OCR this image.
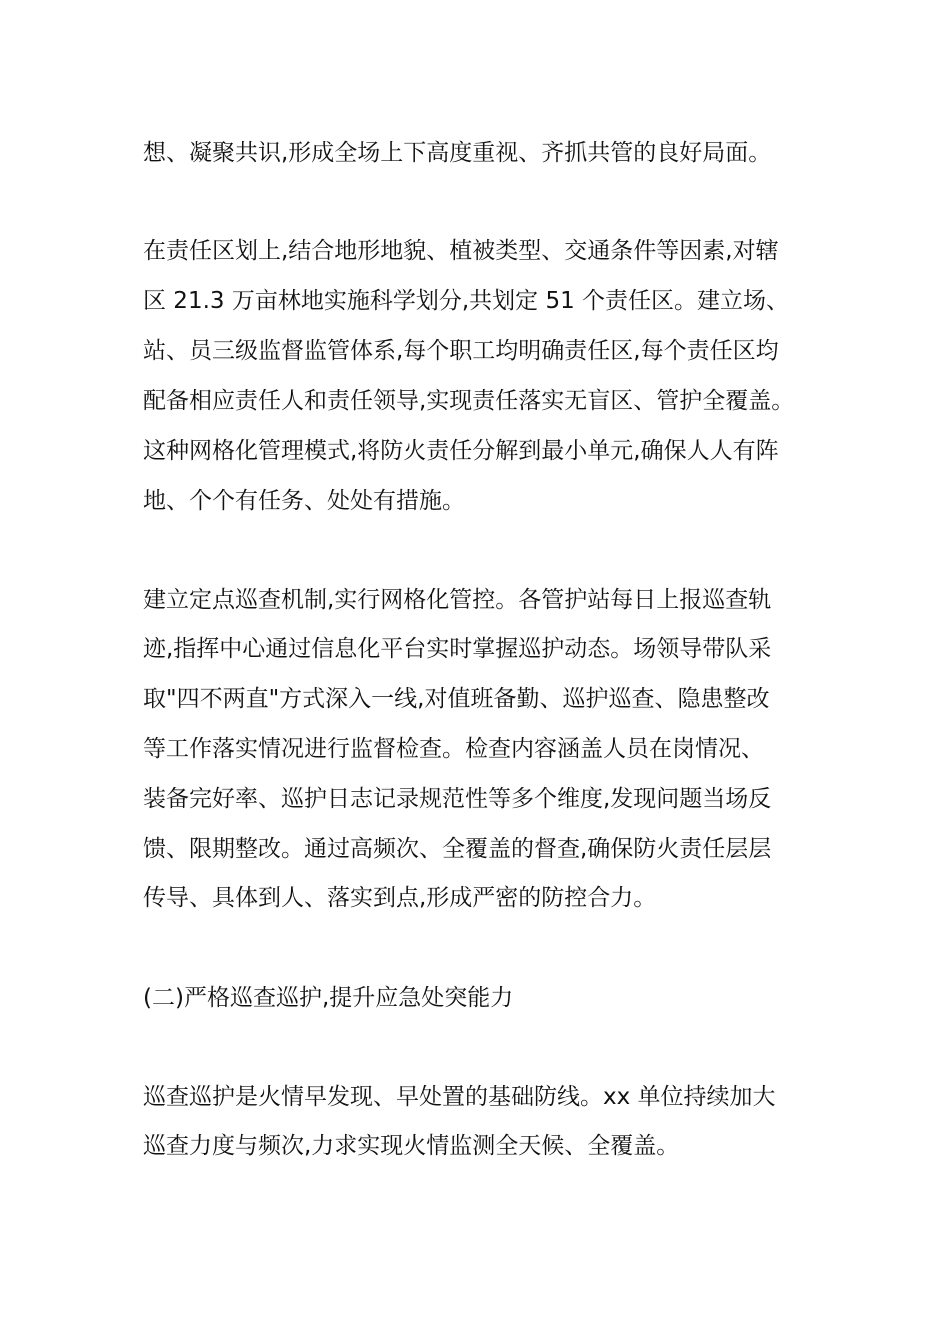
想、凝聚共识,形成全场上下高度重视、齐抓共管的良好局面。
在责任区划上,结合地形地貌、植被类型、交通条件等因素,对辖
区 21.3 万亩林地实施科学划分,共划定 51 个责任区。建立场、
站、员三级监督监管体系,每个职工均明确责任区,每个责任区均
配备相应责任人和责任领导,实现责任落实无盲区、管护全覆盖。
这种网格化管理模式,将防火责任分解到最小单元,确保人人有阵
地、个个有任务、处处有措施。
建立定点巡查机制,实行网格化管控。各管护站每日上报巡查轨
迹,指挥中心通过信息化平台实时掌握巡护动态。场领导带队采
取"四不两直"方式深入一线,对值班备勤、巡护巡查、隐患整改
等工作落实情况进行监督检查。检查内容涵盖人员在岗情况、
装备完好率、巡护日志记录规范性等多个维度,发现问题当场反
馈、限期整改。通过高频次、全覆盖的督查,确保防火责任层层
传导、具体到人、落实到点,形成严密的防控合力。
(二)严格巡查巡护,提升应急处突能力
巡查巡护是火情早发现、早处置的基础防线。xx 单位持续加大
巡查力度与频次,力求实现火情监测全天候、全覆盖。
